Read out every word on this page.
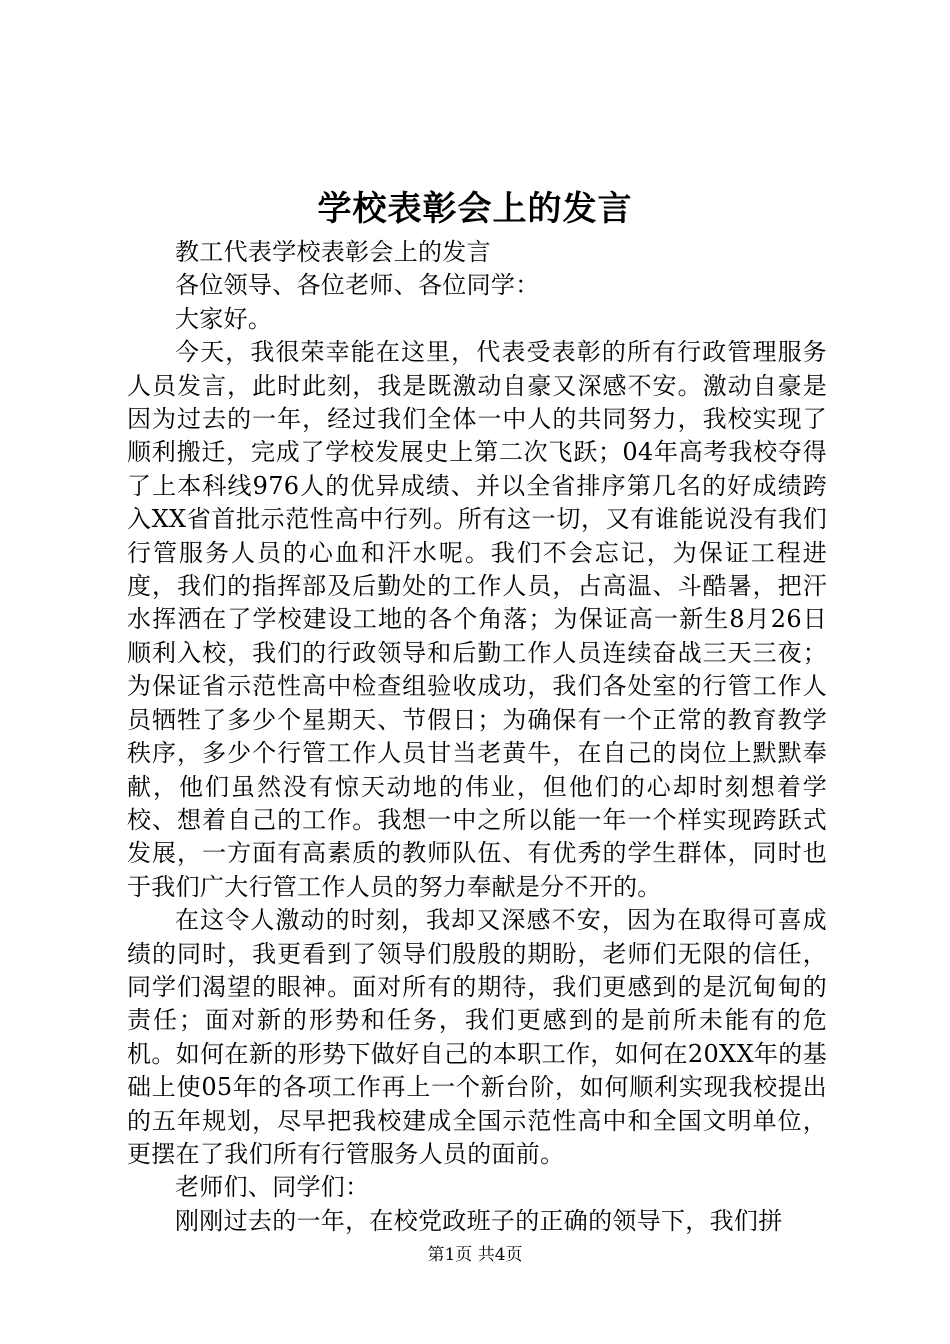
学校表彰会上的发言

教工代表学校表彰会上的发言

各位领导、各位老师、各位同学：

大家好。

今天，我很荣幸能在这里，代表受表彰的所有行政管理服务人员发言，此时此刻，我是既激动自豪又深感不安。激动自豪是因为过去的一年，经过我们全体一中人的共同努力，我校实现了顺利搬迁，完成了学校发展史上第二次飞跃；04年高考我校夺得了上本科线976人的优异成绩、并以全省排序第几名的好成绩跨入XX省首批示范性高中行列。所有这一切，又有谁能说没有我们行管服务人员的心血和汗水呢。我们不会忘记，为保证工程进度，我们的指挥部及后勤处的工作人员，占高温、斗酷暑，把汗水挥洒在了学校建设工地的各个角落；为保证高一新生8月26日顺利入校，我们的行政领导和后勤工作人员连续奋战三天三夜；为保证省示范性高中检查组验收成功，我们各处室的行管工作人员牺牲了多少个星期天、节假日；为确保有一个正常的教育教学秩序，多少个行管工作人员甘当老黄牛，在自己的岗位上默默奉献，他们虽然没有惊天动地的伟业，但他们的心却时刻想着学校、想着自己的工作。我想一中之所以能一年一个样实现跨跃式发展，一方面有高素质的教师队伍、有优秀的学生群体，同时也于我们广大行管工作人员的努力奉献是分不开的。

在这令人激动的时刻，我却又深感不安，因为在取得可喜成绩的同时，我更看到了领导们殷殷的期盼，老师们无限的信任，同学们渴望的眼神。面对所有的期待，我们更感到的是沉甸甸的责任；面对新的形势和任务，我们更感到的是前所未能有的危机。如何在新的形势下做好自己的本职工作，如何在20XX年的基础上使05年的各项工作再上一个新台阶，如何顺利实现我校提出的五年规划，尽早把我校建成全国示范性高中和全国文明单位，更摆在了我们所有行管服务人员的面前。

老师们、同学们：

刚刚过去的一年，在校党政班子的正确的领导下，我们拼

第1页 共4页
